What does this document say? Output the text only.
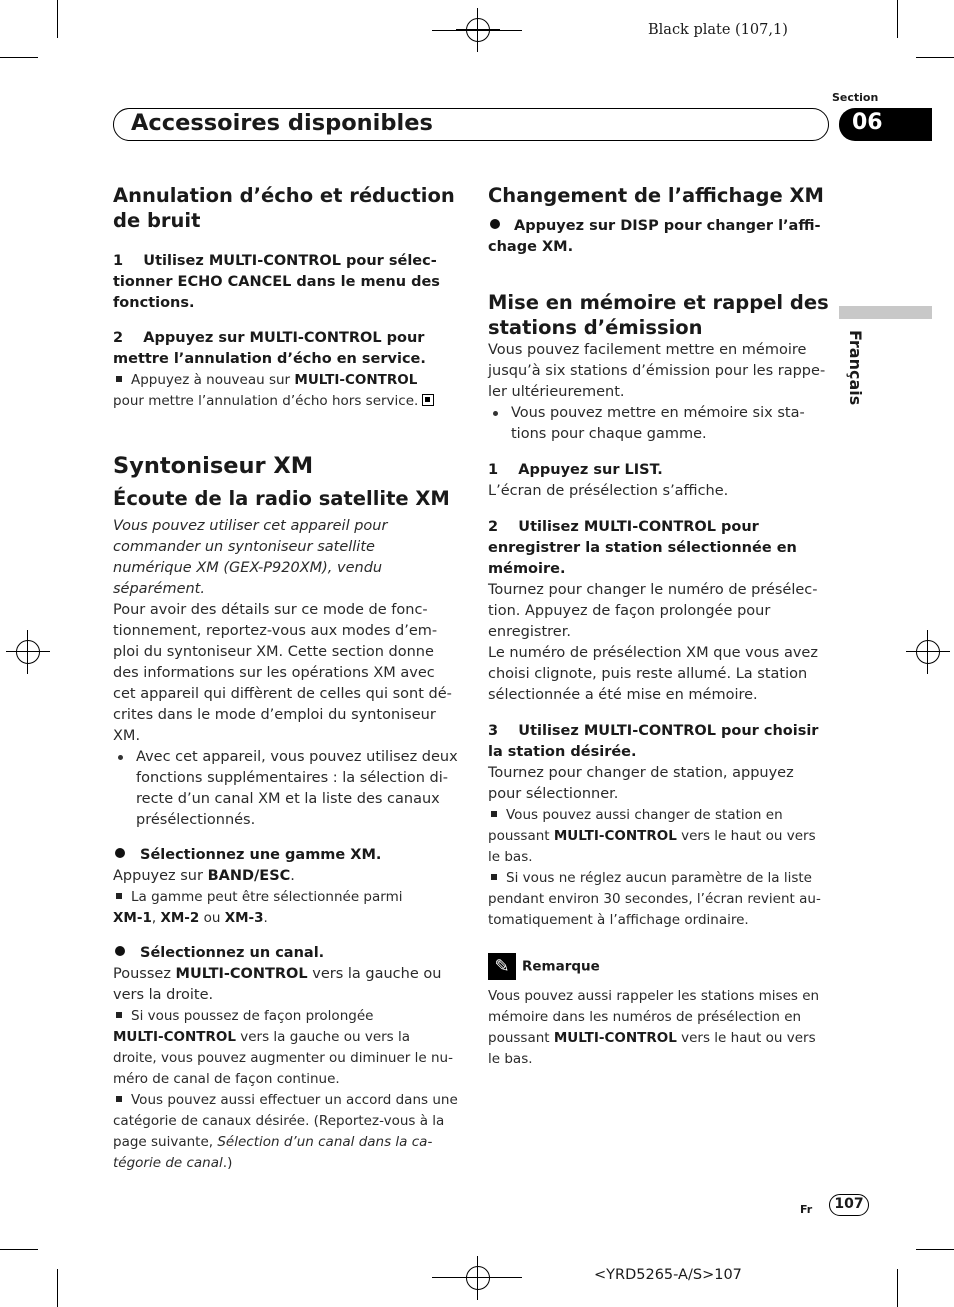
Black plate (107,1)
Accessoires disponibles
Section
06
Français

Annulation d’écho et réduction de bruit

1 Utilisez MULTI-CONTROL pour sélectionner ECHO CANCEL dans le menu des fonctions.

2 Appuyez sur MULTI-CONTROL pour mettre l’annulation d’écho en service.

Appuyez à nouveau sur MULTI-CONTROL
pour mettre l’annulation d’écho hors service.

Syntoniseur XM

Écoute de la radio satellite XM

Vous pouvez utiliser cet appareil pour commander un syntoniseur satellite numérique XM (GEX-P920XM), vendu séparément.

Pour avoir des détails sur ce mode de fonctionnement, reportez-vous aux modes d’emploi du syntoniseur XM. Cette section donne des informations sur les opérations XM avec cet appareil qui diffèrent de celles qui sont décrites dans le mode d’emploi du syntoniseur XM.

Avec cet appareil, vous pouvez utilisez deux fonctions supplémentaires : la sélection directe d’un canal XM et la liste des canaux présélectionnés.

Sélectionnez une gamme XM.

Appuyez sur BAND/ESC.

La gamme peut être sélectionnée parmi
XM-1, XM-2 ou XM-3.

Sélectionnez un canal.

Poussez MULTI-CONTROL vers la gauche ou vers la droite.

Si vous poussez de façon prolongée
MULTI-CONTROL vers la gauche ou vers la droite, vous pouvez augmenter ou diminuer le numéro de canal de façon continue.

Vous pouvez aussi effectuer un accord dans une catégorie de canaux désirée. (Reportez-vous à la page suivante, Sélection d’un canal dans la catégorie de canal.)

Changement de l’affichage XM

Appuyez sur DISP pour changer l’affichage XM.

Mise en mémoire et rappel des stations d’émission

Vous pouvez facilement mettre en mémoire jusqu’à six stations d’émission pour les rappeler ultérieurement.

Vous pouvez mettre en mémoire six stations pour chaque gamme.

1 Appuyez sur LIST.

L’écran de présélection s’affiche.

2 Utilisez MULTI-CONTROL pour enregistrer la station sélectionnée en mémoire.

Tournez pour changer le numéro de présélection. Appuyez de façon prolongée pour enregistrer.

Le numéro de présélection XM que vous avez choisi clignote, puis reste allumé. La station sélectionnée a été mise en mémoire.

3 Utilisez MULTI-CONTROL pour choisir la station désirée.

Tournez pour changer de station, appuyez pour sélectionner.

Vous pouvez aussi changer de station en poussant MULTI-CONTROL vers le haut ou vers le bas.

Si vous ne réglez aucun paramètre de la liste pendant environ 30 secondes, l’écran revient automatiquement à l’affichage ordinaire.

✎ Remarque

Vous pouvez aussi rappeler les stations mises en mémoire dans les numéros de présélection en poussant MULTI-CONTROL vers le haut ou vers le bas.

Fr	107
<YRD5265-A/S>107
